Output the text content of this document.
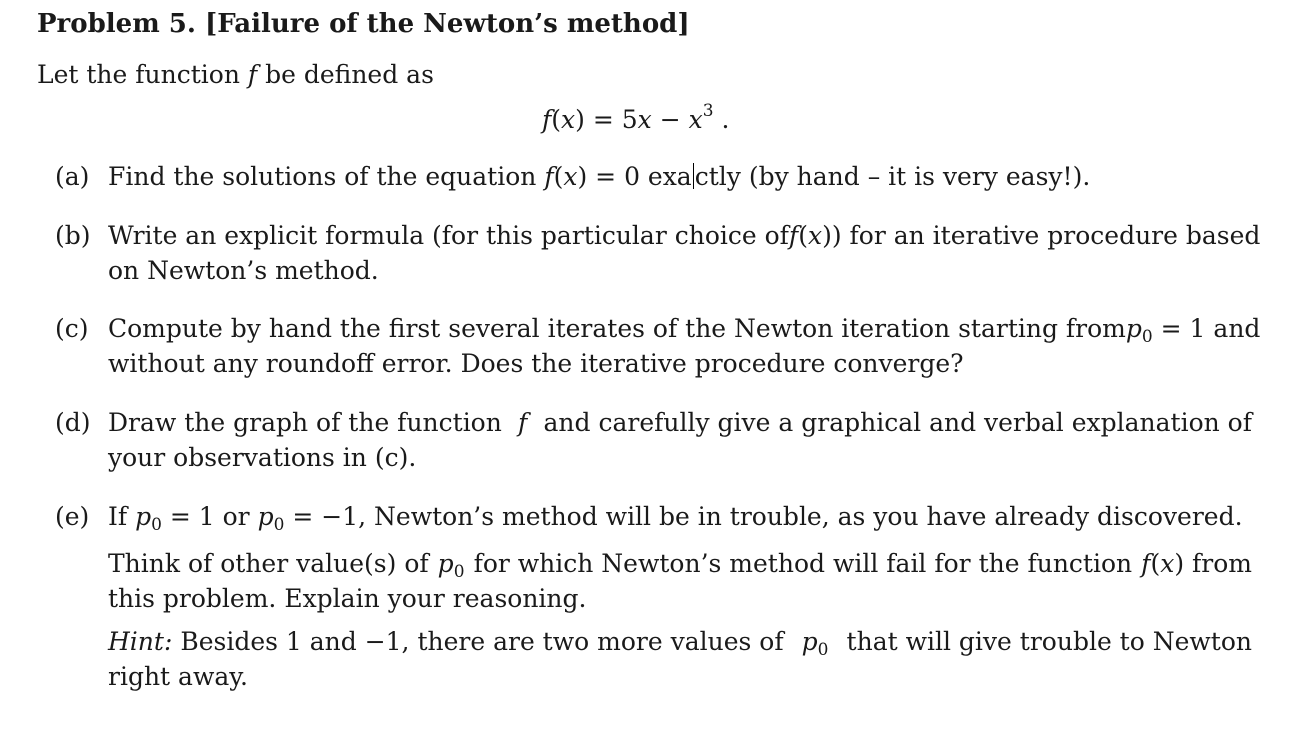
Problem 5. [Failure of the Newton’s method]
Let the function f be defined as
$f(x) = 5x - x^3$ .
(a) Find the solutions of the equation f(x) = 0 exa ctly (by hand – it is very easy!).
(b) Write an explicit formula (for this particular choice of f(x)) for an iterative procedure based
on Newton’s method.
(c) Compute by hand the first several iterates of the Newton iteration starting from $p_0 = 1$ and
without any roundoff error. Does the iterative procedure converge?
(d) Draw the graph of the function f and carefully give a graphical and verbal explanation of
your observations in (c).
(e) If $p_0 = 1$ or $p_0 = -1$, Newton’s method will be in trouble, as you have already discovered.
Think of other value(s) of $p_0$ for which Newton’s method will fail for the function f(x) from
this problem. Explain your reasoning.
Hint: Besides 1 and −1, there are two more values of $p_0$ that will give trouble to Newton
right away.
